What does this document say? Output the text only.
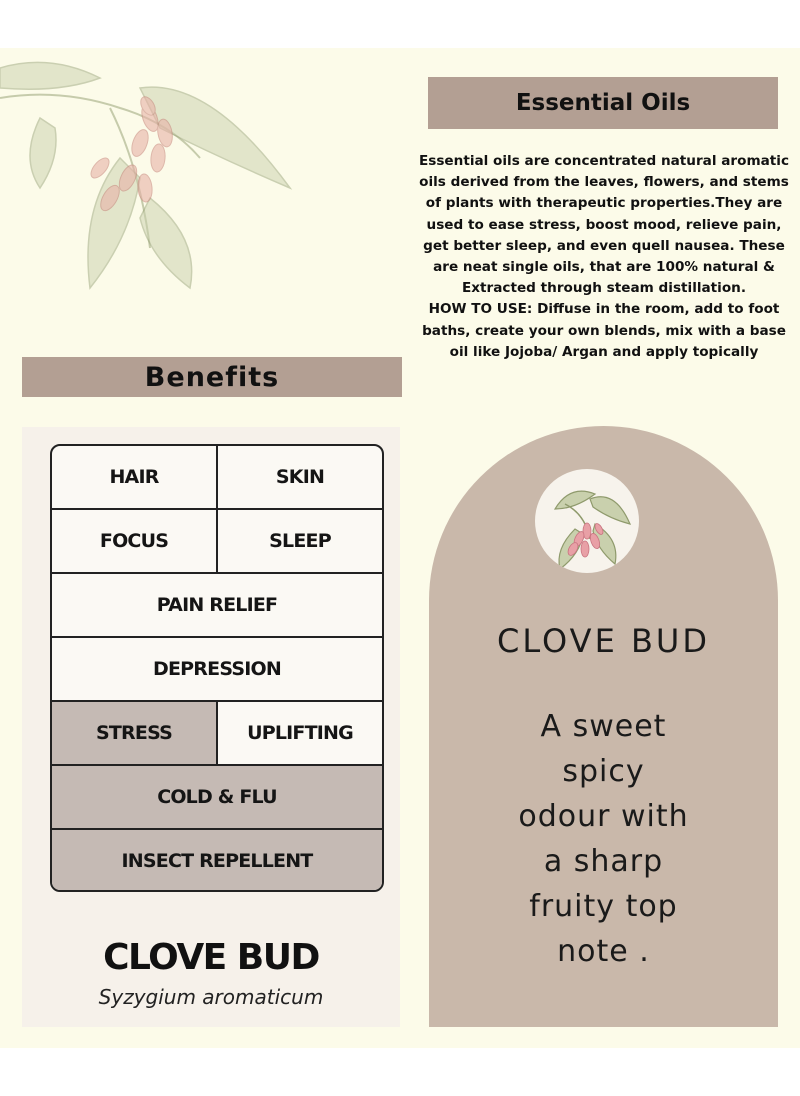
Essential Oils

Essential oils are concentrated natural aromatic oils derived from the leaves, flowers, and stems of plants with therapeutic properties.They are used to ease stress, boost mood, relieve pain, get better sleep, and even quell nausea. These are neat single oils, that are 100% natural & Extracted through steam distillation.

HOW TO USE: Diffuse in the room, add to foot baths, create your own blends, mix with a base oil like Jojoba/ Argan and apply topically

Benefits
HAIR	SKIN
FOCUS	SLEEP
PAIN RELIEF
DEPRESSION
STRESS	UPLIFTING
COLD & FLU
INSECT REPELLENT
CLOVE BUD
Syzygium aromaticum
CLOVE BUD
A sweet
spicy
odour with
a sharp
fruity top
note .
